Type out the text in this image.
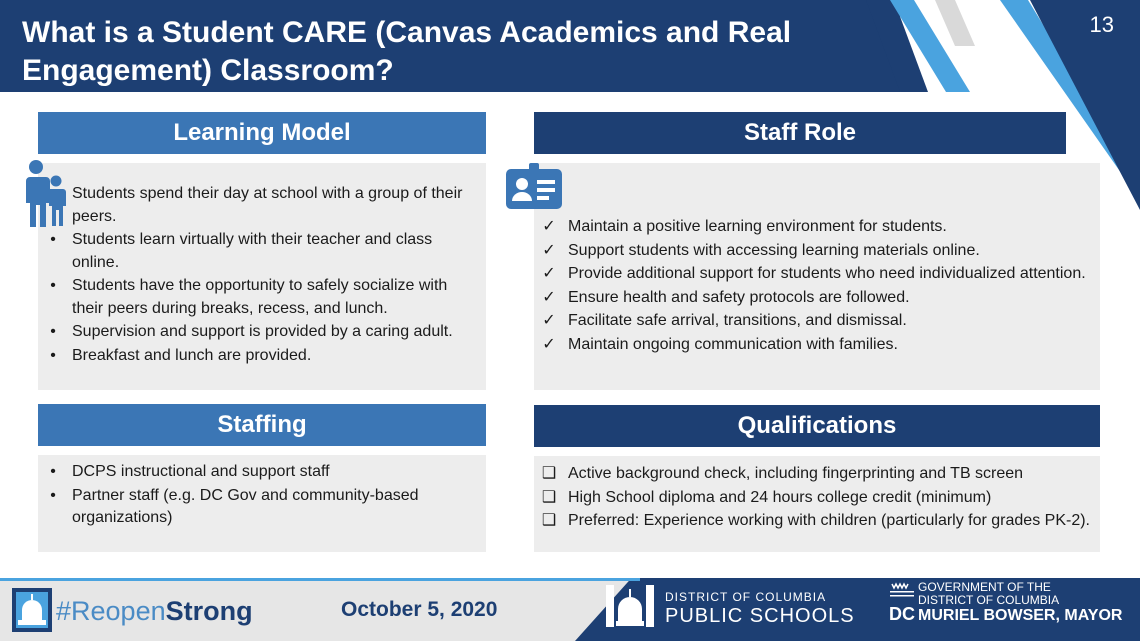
What is a Student CARE (Canvas Academics and Real Engagement) Classroom?
13
Learning Model
Students spend their day at school with a group of their peers.
•	Students learn virtually with their teacher and class online.
•	Students have the opportunity to safely socialize with their peers during breaks, recess, and lunch.
•	Supervision and support is provided by a caring adult.
•	Breakfast and lunch are provided.
Staff Role
✓ Maintain a positive learning environment for students.
✓ Support students with accessing learning materials online.
✓ Provide additional support for students who need individualized attention.
✓ Ensure health and safety protocols are followed.
✓ Facilitate safe arrival, transitions, and dismissal.
✓ Maintain ongoing communication with families.
Staffing
•	DCPS instructional and support staff
•	Partner staff (e.g. DC Gov and community-based organizations)
Qualifications
❑ Active background check, including fingerprinting and TB screen
❑ High School diploma and 24 hours college credit (minimum)
❑ Preferred: Experience working with children (particularly for grades PK-2).
#ReopenStrong	October 5, 2020
DISTRICT OF COLUMBIA
PUBLIC SCHOOLS DC
GOVERNMENT OF THE
DISTRICT OF COLUMBIA
MURIEL BOWSER, MAYOR
